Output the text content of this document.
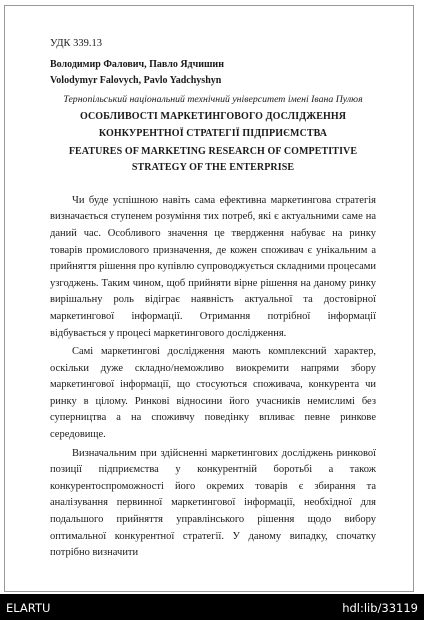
УДК 339.13

Володимир Фалович, Павло Ядчишин

Volodymyr Falovych, Pavlo Yadchyshyn

Тернопільський національний технічний університет імені Івана Пулюя

ОСОБЛИВОСТІ МАРКЕТИНГОВОГО ДОСЛІДЖЕННЯ
КОНКУРЕНТНОЇ СТРАТЕГІЇ ПІДПРИЄМСТВА
FEATURES OF MARKETING RESEARCH OF COMPETITIVE
STRATEGY OF THE ENTERPRISE

Чи буде успішною навіть сама ефективна маркетингова стратегія визначається ступенем розуміння тих потреб, які є актуальними саме на даний час. Особливого значення це твердження набуває на ринку товарів промислового призначення, де кожен споживач є унікальним а прийняття рішення про купівлю супроводжується складними процесами узгоджень. Таким чином, щоб прийняти вірне рішення на даному ринку вирішальну роль відіграє наявність актуальної та достовірної маркетингової інформації. Отримання потрібної інформації відбувається у процесі маркетингового дослідження.

Самі маркетингові дослідження мають комплексний характер, оскільки дуже складно/неможливо виокремити напрями збору маркетингової інформації, що стосуються споживача, конкурента чи ринку в цілому. Ринкові відносини його учасників немислимі без суперництва а на споживчу поведінку впливає певне ринкове середовище.

Визначальним при здійсненні маркетингових досліджень ринкової позиції підприємства у конкурентній боротьбі а також конкурентоспроможності його окремих товарів є збирання та аналізування первинної маркетингової інформації, необхідної для подальшого прийняття управлінського рішення щодо вибору оптимальної конкурентної стратегії. У даному випадку, спочатку потрібно визначити

ELARTU	hdl:lib/33119
